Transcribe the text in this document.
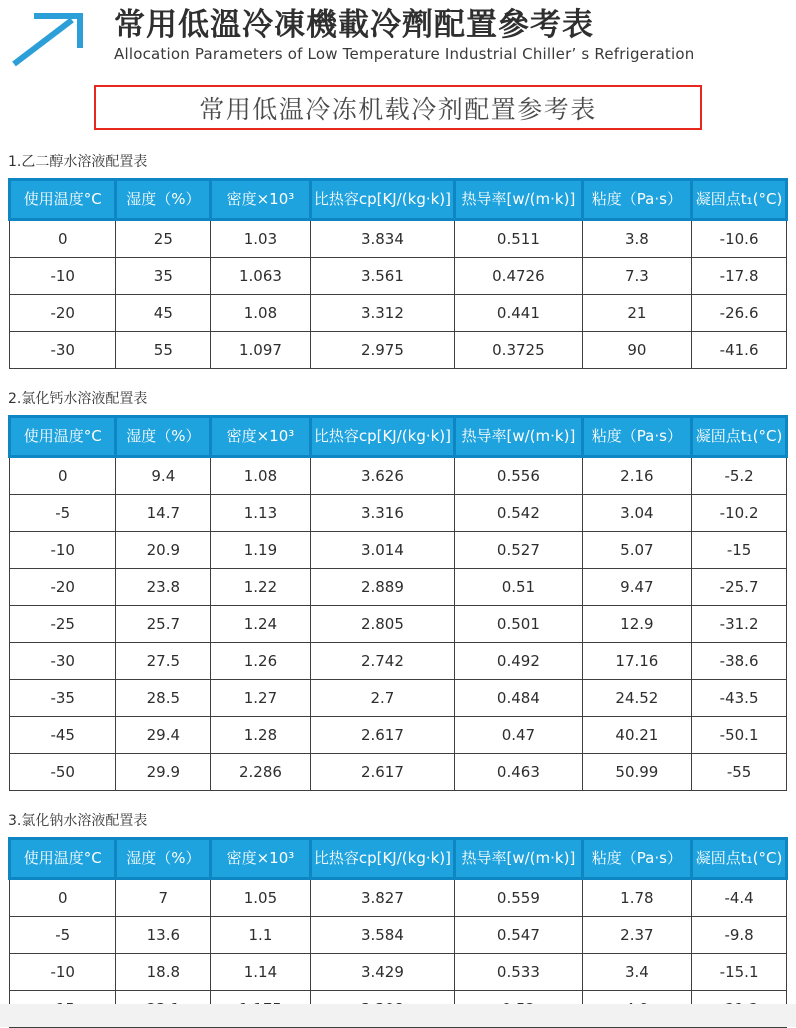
常用低溫冷凍機載冷劑配置參考表
Allocation Parameters of Low Temperature Industrial Chiller’ s Refrigeration
常用低温冷冻机载冷剂配置参考表
1.乙二醇水溶液配置表
使用温度°C	湿度（%）	密度×10³	比热容cp[KJ/(kg·k)]	热导率[w/(m·k)]	粘度（Pa·s）	凝固点t₁(°C)
0	25	1.03	3.834	0.511	3.8	-10.6
-10	35	1.063	3.561	0.4726	7.3	-17.8
-20	45	1.08	3.312	0.441	21	-26.6
-30	55	1.097	2.975	0.3725	90	-41.6
2.氯化钙水溶液配置表
使用温度°C	湿度（%）	密度×10³	比热容cp[KJ/(kg·k)]	热导率[w/(m·k)]	粘度（Pa·s）	凝固点t₁(°C)
0	9.4	1.08	3.626	0.556	2.16	-5.2
-5	14.7	1.13	3.316	0.542	3.04	-10.2
-10	20.9	1.19	3.014	0.527	5.07	-15
-20	23.8	1.22	2.889	0.51	9.47	-25.7
-25	25.7	1.24	2.805	0.501	12.9	-31.2
-30	27.5	1.26	2.742	0.492	17.16	-38.6
-35	28.5	1.27	2.7	0.484	24.52	-43.5
-45	29.4	1.28	2.617	0.47	40.21	-50.1
-50	29.9	2.286	2.617	0.463	50.99	-55
3.氯化钠水溶液配置表
使用温度°C	湿度（%）	密度×10³	比热容cp[KJ/(kg·k)]	热导率[w/(m·k)]	粘度（Pa·s）	凝固点t₁(°C)
0	7	1.05	3.827	0.559	1.78	-4.4
-5	13.6	1.1	3.584	0.547	2.37	-9.8
-10	18.8	1.14	3.429	0.533	3.4	-15.1
